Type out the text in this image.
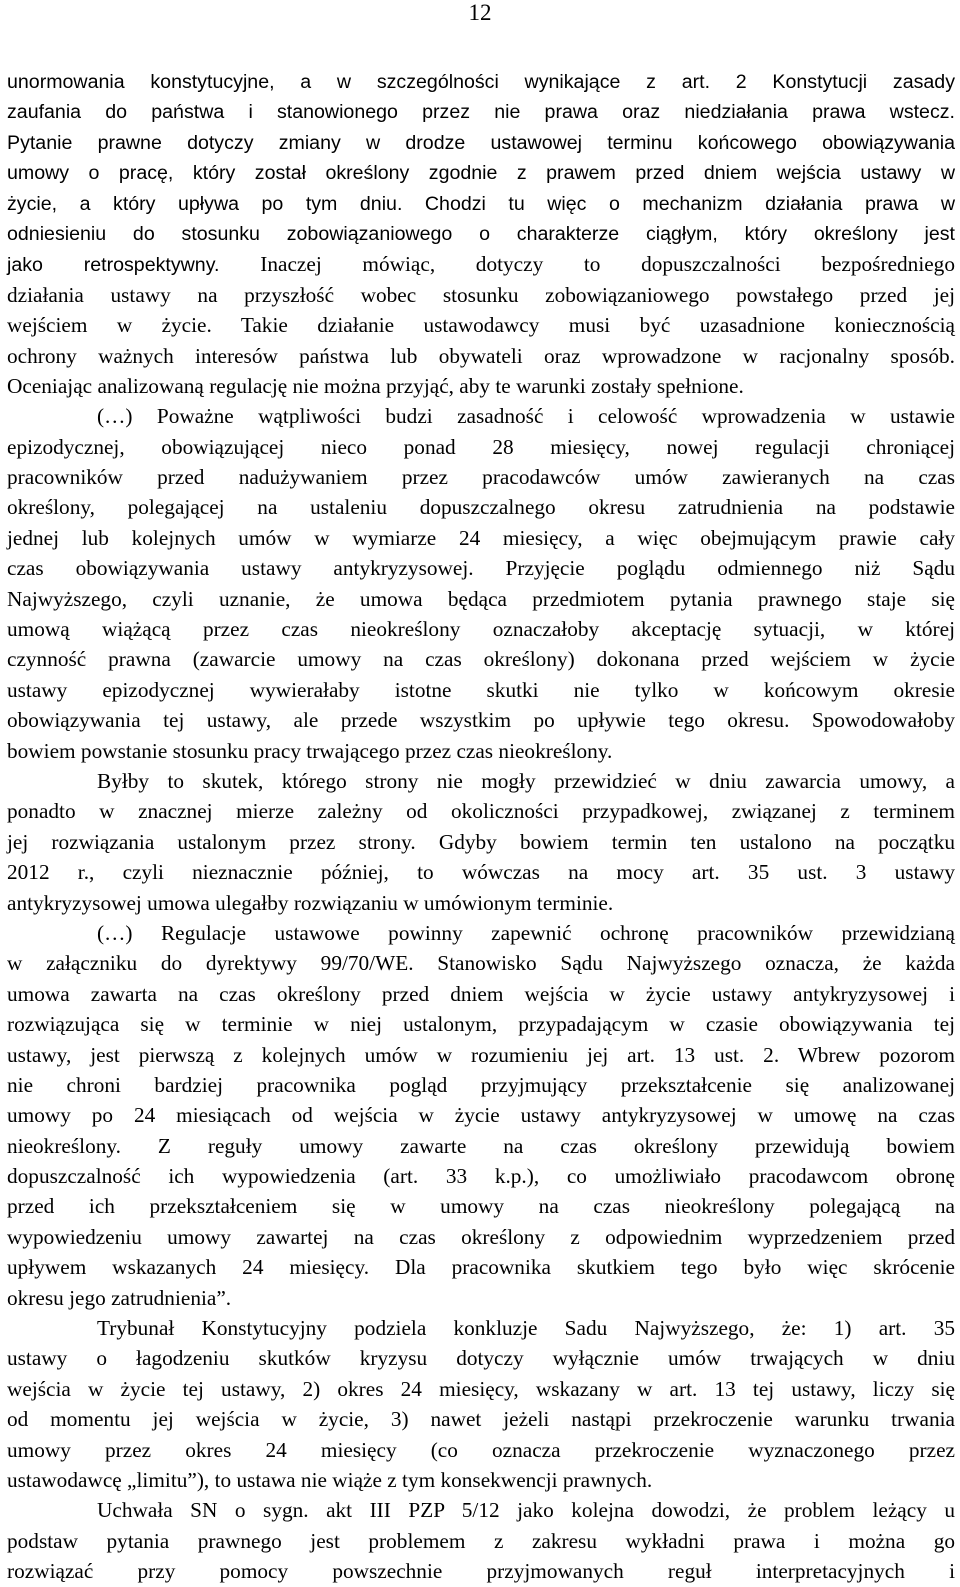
12
unormowania konstytucyjne, a w szczególności wynikające z art. 2 Konstytucji zasady
zaufania do państwa i stanowionego przez nie prawa oraz niedziałania prawa wstecz.
Pytanie prawne dotyczy zmiany w drodze ustawowej terminu końcowego obowiązywania
umowy o pracę, który został określony zgodnie z prawem przed dniem wejścia ustawy w
życie, a który upływa po tym dniu. Chodzi tu więc o mechanizm działania prawa w
odniesieniu do stosunku zobowiązaniowego o charakterze ciągłym, który określony jest
jako retrospektywny. Inaczej mówiąc, dotyczy to dopuszczalności bezpośredniego
działania ustawy na przyszłość wobec stosunku zobowiązaniowego powstałego przed jej
wejściem w życie. Takie działanie ustawodawcy musi być uzasadnione koniecznością
ochrony ważnych interesów państwa lub obywateli oraz wprowadzone w racjonalny sposób.
Oceniając analizowaną regulację nie można przyjąć, aby te warunki zostały spełnione.
(…) Poważne wątpliwości budzi zasadność i celowość wprowadzenia w ustawie
epizodycznej, obowiązującej nieco ponad 28 miesięcy, nowej regulacji chroniącej
pracowników przed nadużywaniem przez pracodawców umów zawieranych na czas
określony, polegającej na ustaleniu dopuszczalnego okresu zatrudnienia na podstawie
jednej lub kolejnych umów w wymiarze 24 miesięcy, a więc obejmującym prawie cały
czas obowiązywania ustawy antykryzysowej. Przyjęcie poglądu odmiennego niż Sądu
Najwyższego, czyli uznanie, że umowa będąca przedmiotem pytania prawnego staje się
umową wiążącą przez czas nieokreślony oznaczałoby akceptację sytuacji, w której
czynność prawna (zawarcie umowy na czas określony) dokonana przed wejściem w życie
ustawy epizodycznej wywierałaby istotne skutki nie tylko w końcowym okresie
obowiązywania tej ustawy, ale przede wszystkim po upływie tego okresu. Spowodowałoby
bowiem powstanie stosunku pracy trwającego przez czas nieokreślony.
Byłby to skutek, którego strony nie mogły przewidzieć w dniu zawarcia umowy, a
ponadto w znacznej mierze zależny od okoliczności przypadkowej, związanej z terminem
jej rozwiązania ustalonym przez strony. Gdyby bowiem termin ten ustalono na początku
2012 r., czyli nieznacznie później, to wówczas na mocy art. 35 ust. 3 ustawy
antykryzysowej umowa ulegałby rozwiązaniu w umówionym terminie.
(…) Regulacje ustawowe powinny zapewnić ochronę pracowników przewidzianą
w załączniku do dyrektywy 99/70/WE. Stanowisko Sądu Najwyższego oznacza, że każda
umowa zawarta na czas określony przed dniem wejścia w życie ustawy antykryzysowej i
rozwiązująca się w terminie w niej ustalonym, przypadającym w czasie obowiązywania tej
ustawy, jest pierwszą z kolejnych umów w rozumieniu jej art. 13 ust. 2. Wbrew pozorom
nie chroni bardziej pracownika pogląd przyjmujący przekształcenie się analizowanej
umowy po 24 miesiącach od wejścia w życie ustawy antykryzysowej w umowę na czas
nieokreślony. Z reguły umowy zawarte na czas określony przewidują bowiem
dopuszczalność ich wypowiedzenia (art. 33 k.p.), co umożliwiało pracodawcom obronę
przed ich przekształceniem się w umowy na czas nieokreślony polegającą na
wypowiedzeniu umowy zawartej na czas określony z odpowiednim wyprzedzeniem przed
upływem wskazanych 24 miesięcy. Dla pracownika skutkiem tego było więc skrócenie
okresu jego zatrudnienia”.
Trybunał Konstytucyjny podziela konkluzje Sadu Najwyższego, że: 1) art. 35
ustawy o łagodzeniu skutków kryzysu dotyczy wyłącznie umów trwających w dniu
wejścia w życie tej ustawy, 2) okres 24 miesięcy, wskazany w art. 13 tej ustawy, liczy się
od momentu jej wejścia w życie, 3) nawet jeżeli nastąpi przekroczenie warunku trwania
umowy przez okres 24 miesięcy (co oznacza przekroczenie wyznaczonego przez
ustawodawcę „limitu”), to ustawa nie wiąże z tym konsekwencji prawnych.
Uchwała SN o sygn. akt III PZP 5/12 jako kolejna dowodzi, że problem leżący u
podstaw pytania prawnego jest problemem z zakresu wykładni prawa i można go
rozwiązać przy pomocy powszechnie przyjmowanych reguł interpretacyjnych i
